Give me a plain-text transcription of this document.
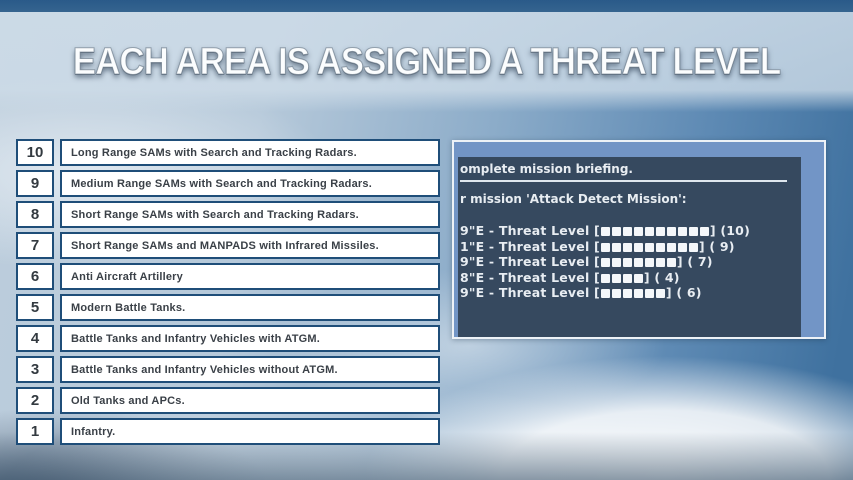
EACH AREA IS ASSIGNED A THREAT LEVEL
10	Long Range SAMs with Search and Tracking Radars.
9	Medium Range SAMs with Search and Tracking Radars.
8	Short Range SAMs with Search and Tracking Radars.
7	Short Range SAMs and MANPADS with Infrared Missiles.
6	Anti Aircraft Artillery
5	Modern Battle Tanks.
4	Battle Tanks and Infantry Vehicles with ATGM.
3	Battle Tanks and Infantry Vehicles without ATGM.
2	Old Tanks and APCs.
1	Infantry.
omplete mission briefing.
r mission 'Attack Detect Mission':
9"E - Threat Level [	] (10)
1"E - Threat Level [	] ( 9)
9"E - Threat Level [	] ( 7)
8"E - Threat Level [	] ( 4)
9"E - Threat Level [	] ( 6)
